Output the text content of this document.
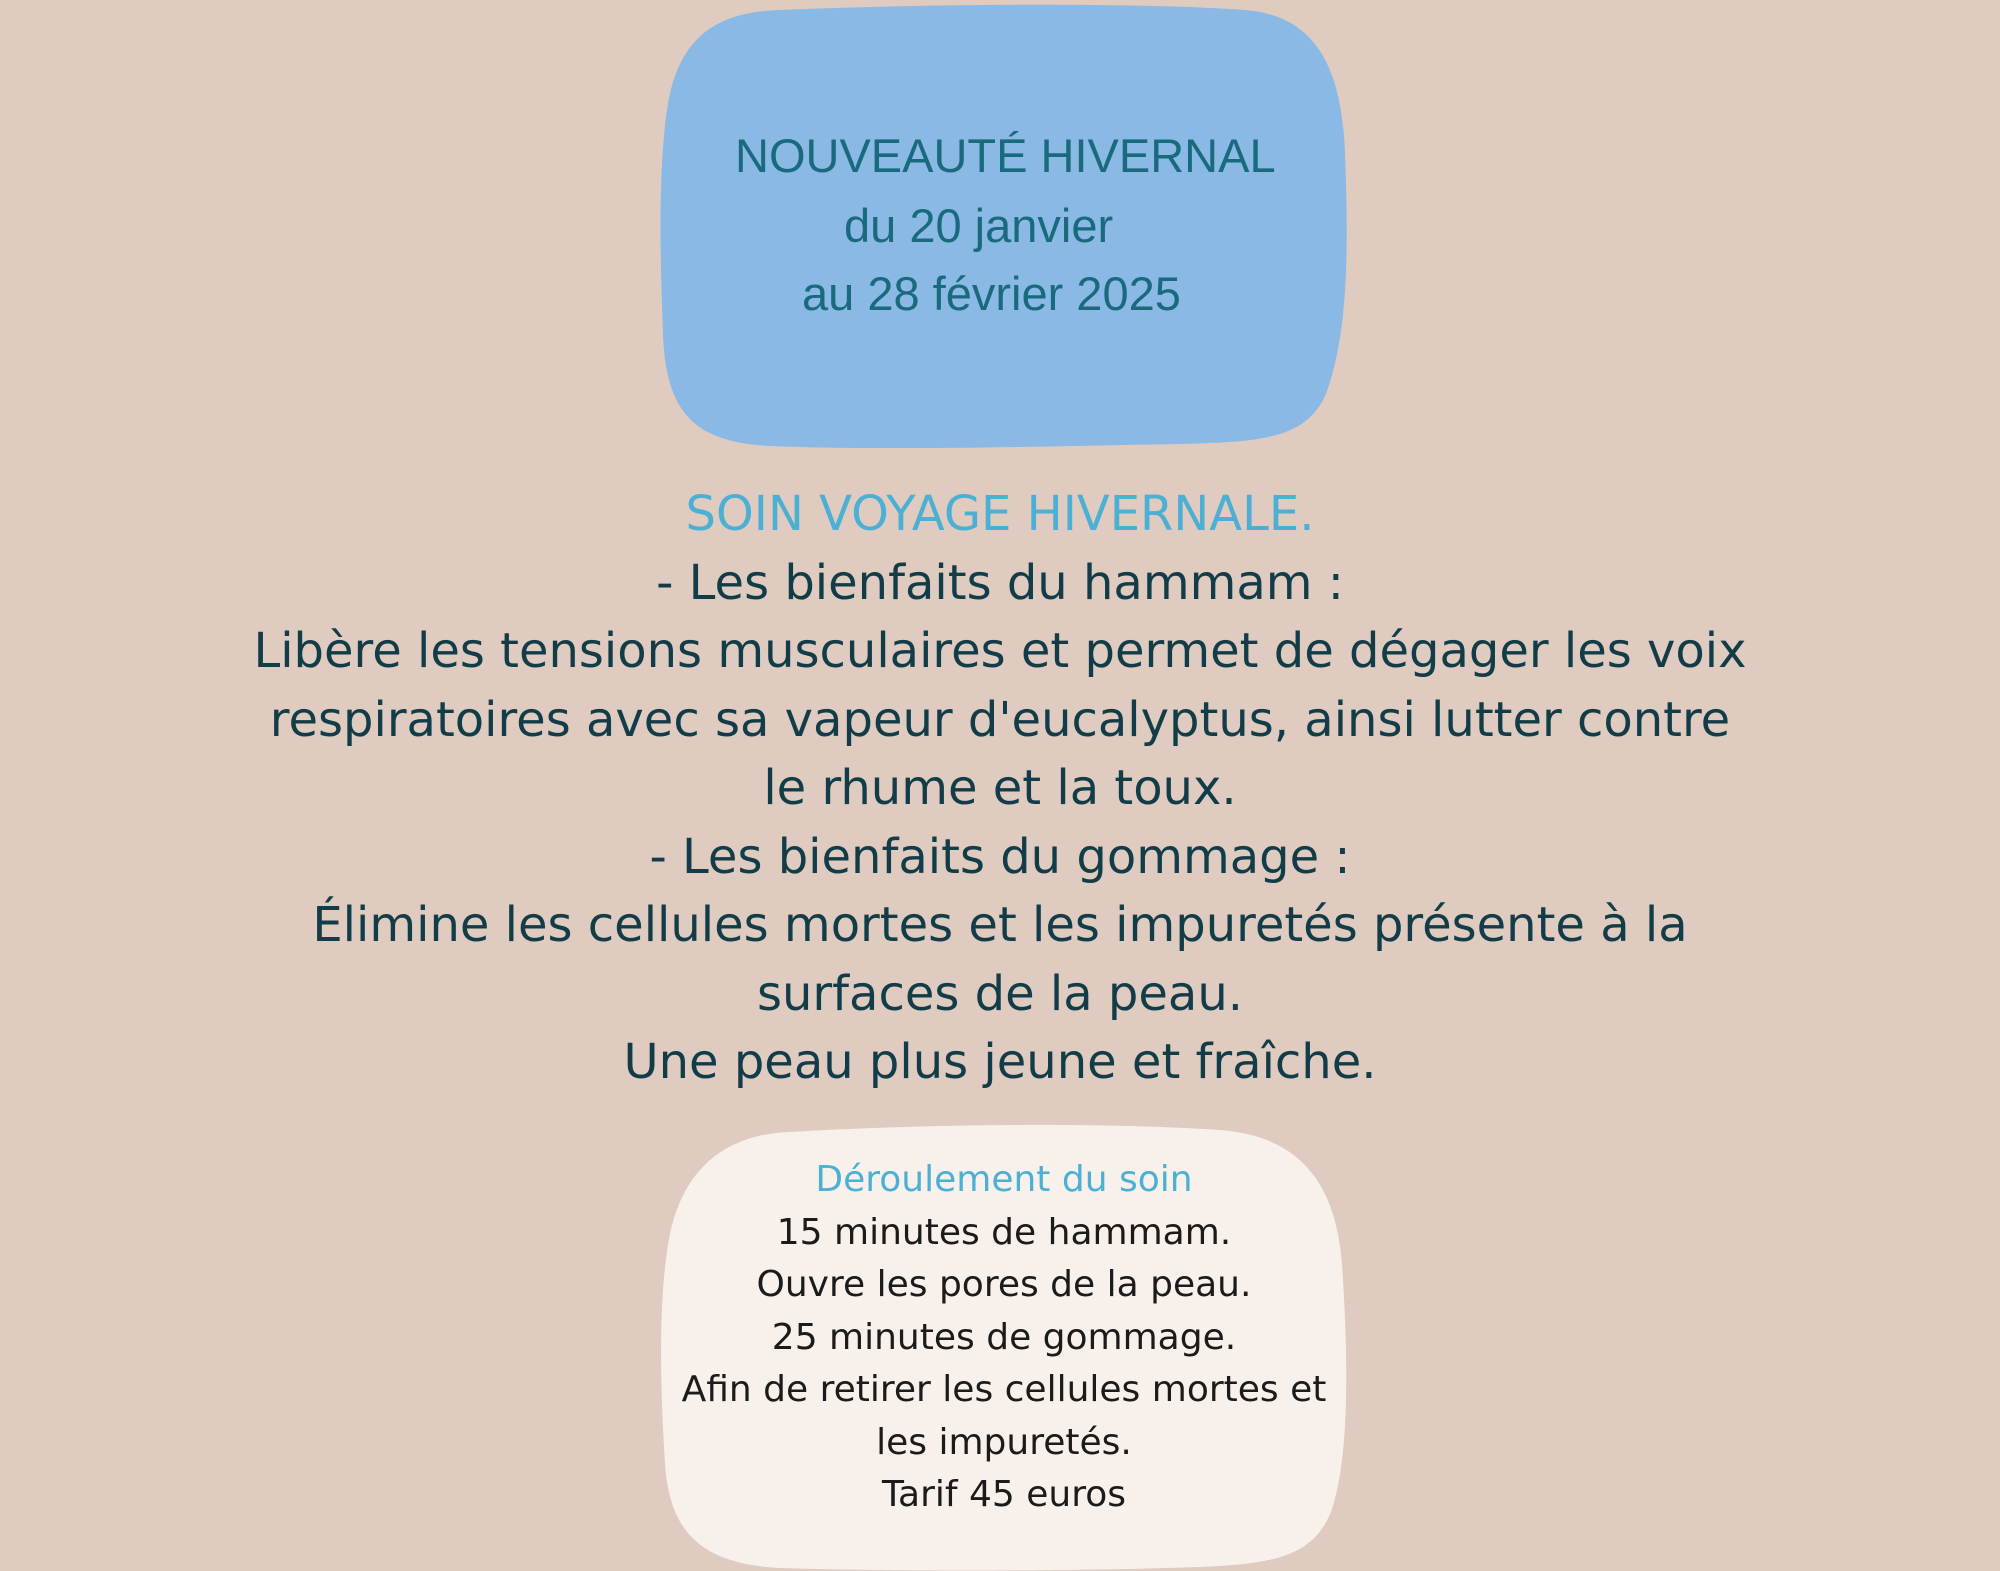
NOUVEAUTÉ HIVERNAL
du 20 janvier
au 28 février 2025
SOIN VOYAGE HIVERNALE.
- Les bienfaits du hammam :
Libère les tensions musculaires et permet de dégager les voix
respiratoires avec sa vapeur d'eucalyptus, ainsi lutter contre
le rhume et la toux.
- Les bienfaits du gommage :
Élimine les cellules mortes et les impuretés présente à la
surfaces de la peau.
Une peau plus jeune et fraîche.
Déroulement du soin
15 minutes de hammam.
Ouvre les pores de la peau.
25 minutes de gommage.
Afin de retirer les cellules mortes et
les impuretés.
Tarif 45 euros
